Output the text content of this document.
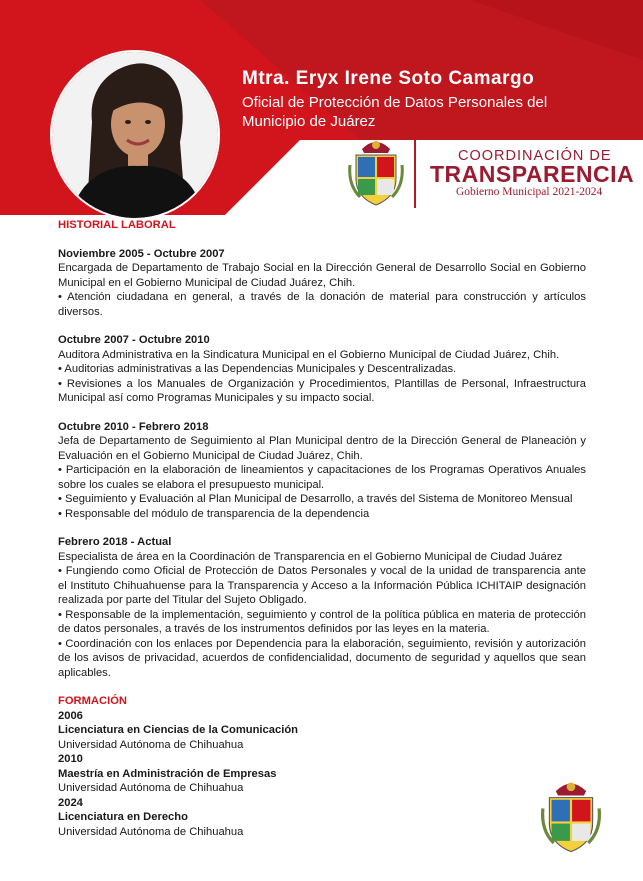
Mtra. Eryx Irene Soto Camargo
Oficial de Protección de Datos Personales del
Municipio de Juárez
COORDINACIÓN DE
TRANSPARENCIA
Gobierno Municipal 2021-2024

HISTORIAL LABORAL

Noviembre 2005 - Octubre 2007

Encargada de Departamento de Trabajo Social en la Dirección General de Desarrollo Social en Gobierno Municipal en el Gobierno Municipal de Ciudad Juárez, Chih.

• Atención ciudadana en general, a través de la donación de material para construcción y artículos diversos.

Octubre 2007 - Octubre 2010

Auditora Administrativa en la Sindicatura Municipal en el Gobierno Municipal de Ciudad Juárez, Chih.

• Auditorias administrativas a las Dependencias Municipales y Descentralizadas.

• Revisiones a los Manuales de Organización y Procedimientos, Plantillas de Personal, Infraestructura Municipal así como Programas Municipales y su impacto social.

Octubre 2010 - Febrero 2018

Jefa de Departamento de Seguimiento al Plan Municipal dentro de la Dirección General de Planeación y Evaluación en el Gobierno Municipal de Ciudad Juárez, Chih.

• Participación en la elaboración de lineamientos y capacitaciones de los Programas Operativos Anuales sobre los cuales se elabora el presupuesto municipal.

• Seguimiento y Evaluación al Plan Municipal de Desarrollo, a través del Sistema de Monitoreo Mensual

• Responsable del módulo de transparencia de la dependencia

Febrero 2018 - Actual

Especialista de área en la Coordinación de Transparencia en el Gobierno Municipal de Ciudad Juárez

• Fungiendo como Oficial de Protección de Datos Personales y vocal de la unidad de transparencia ante el Instituto Chihuahuense para la Transparencia y Acceso a la Información Pública ICHITAIP designación realizada por parte del Titular del Sujeto Obligado.

• Responsable de la implementación, seguimiento y control de la política pública en materia de protección de datos personales, a través de los instrumentos definidos por las leyes en la materia.

• Coordinación con los enlaces por Dependencia para la elaboración, seguimiento, revisión y autorización de los avisos de privacidad, acuerdos de confidencialidad, documento de seguridad y aquellos que sean aplicables.

FORMACIÓN

2006

Licenciatura en Ciencias de la Comunicación

Universidad Autónoma de Chihuahua

2010

Maestría en Administración de Empresas

Universidad Autónoma de Chihuahua

2024

Licenciatura en Derecho

Universidad Autónoma de Chihuahua
